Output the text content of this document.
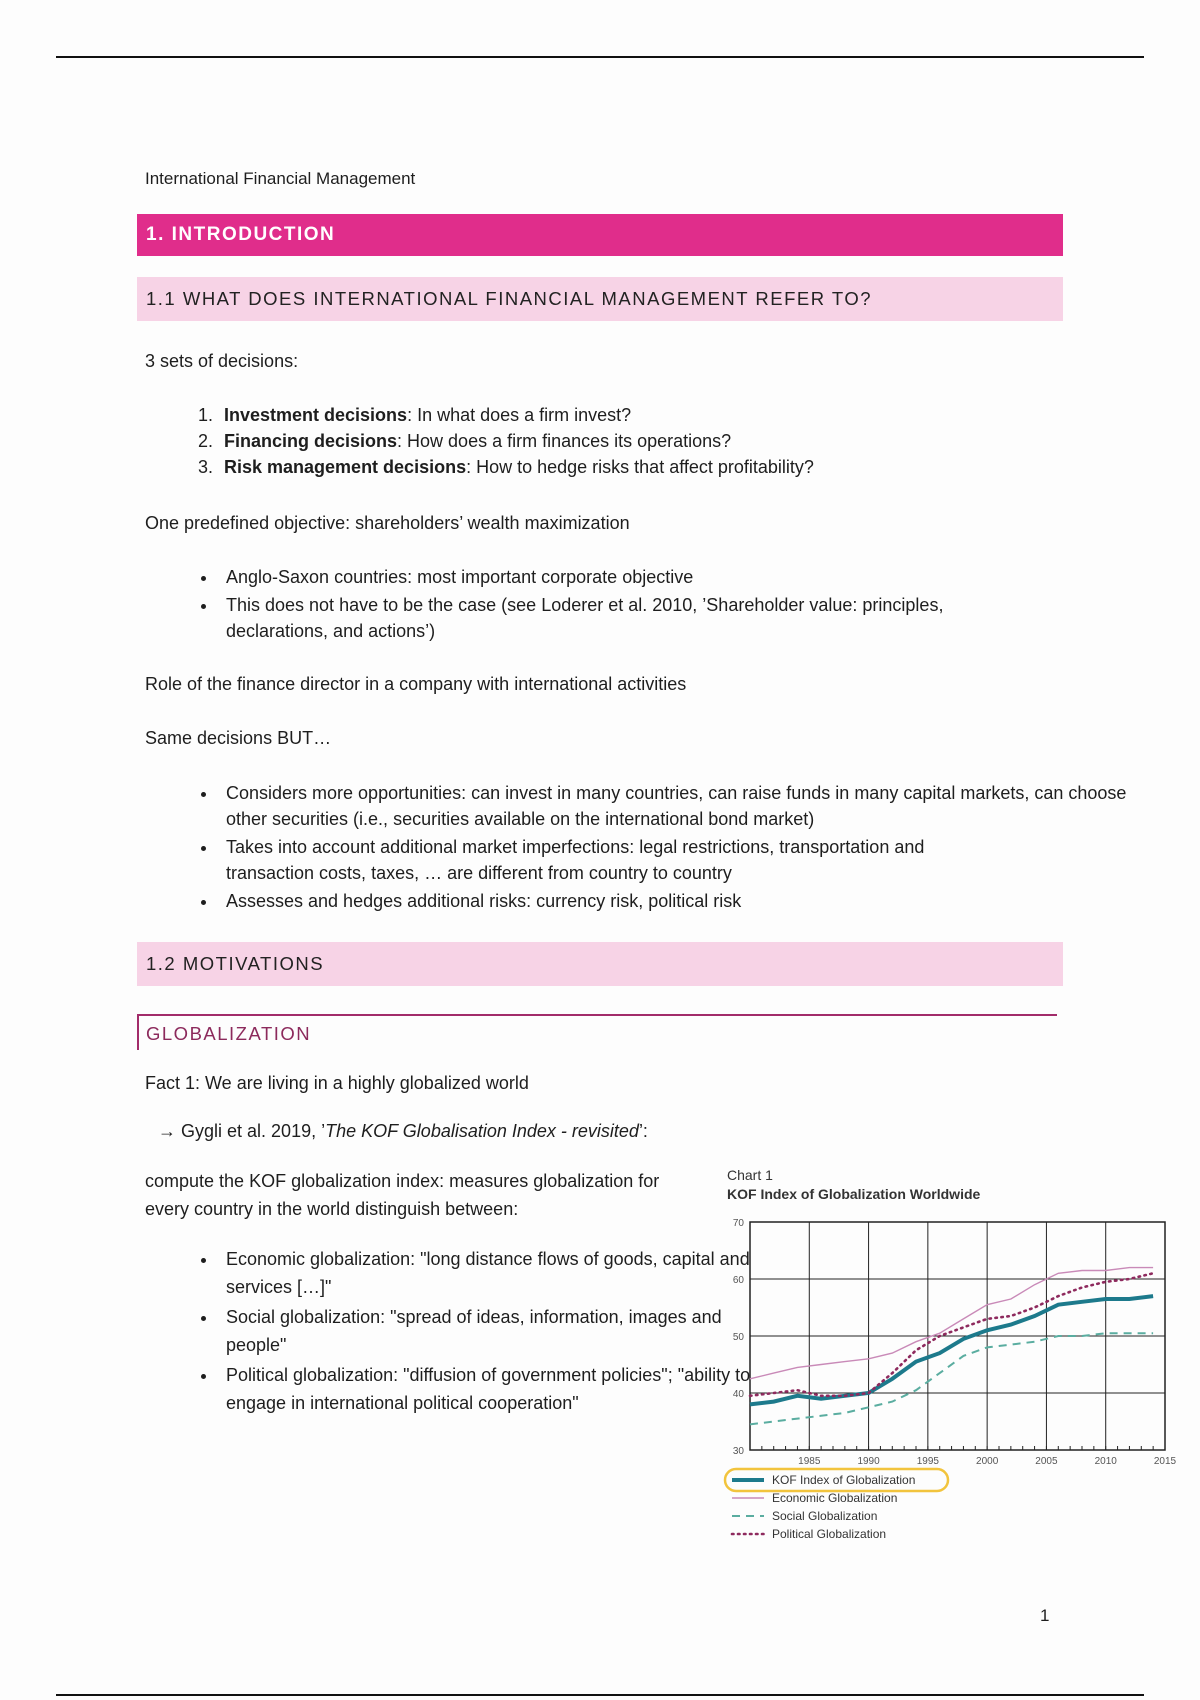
International Financial Management
1. INTRODUCTION
1.1 WHAT DOES INTERNATIONAL FINANCIAL MANAGEMENT REFER TO?
3 sets of decisions:
1. Investment decisions: In what does a firm invest?
2. Financing decisions: How does a firm finances its operations?
3. Risk management decisions: How to hedge risks that affect profitability?
One predefined objective: shareholders’ wealth maximization
• Anglo-Saxon countries: most important corporate objective
• This does not have to be the case (see Loderer et al. 2010, ’Shareholder value: principles, declarations, and actions’)
Role of the finance director in a company with international activities
Same decisions BUT…
• Considers more opportunities: can invest in many countries, can raise funds in many capital markets, can choose other securities (i.e., securities available on the international bond market)
• Takes into account additional market imperfections: legal restrictions, transportation and transaction costs, taxes, … are different from country to country
• Assesses and hedges additional risks: currency risk, political risk
1.2 MOTIVATIONS
GLOBALIZATION
Fact 1: We are living in a highly globalized world
→ Gygli et al. 2019, ’The KOF Globalisation Index - revisited’:
compute the KOF globalization index: measures globalization for every country in the world distinguish between:
• Economic globalization: "long distance flows of goods, capital and services […]"
• Social globalization: "spread of ideas, information, images and people"
• Political globalization: "diffusion of government policies"; "ability to engage in international political cooperation"
Chart 1
KOF Index of Globalization Worldwide
30
40
50
60
70
1985	1990	1995	2000	2005	2010	2015
KOF Index of Globalization
Economic Globalization
Social Globalization
Political Globalization
1
